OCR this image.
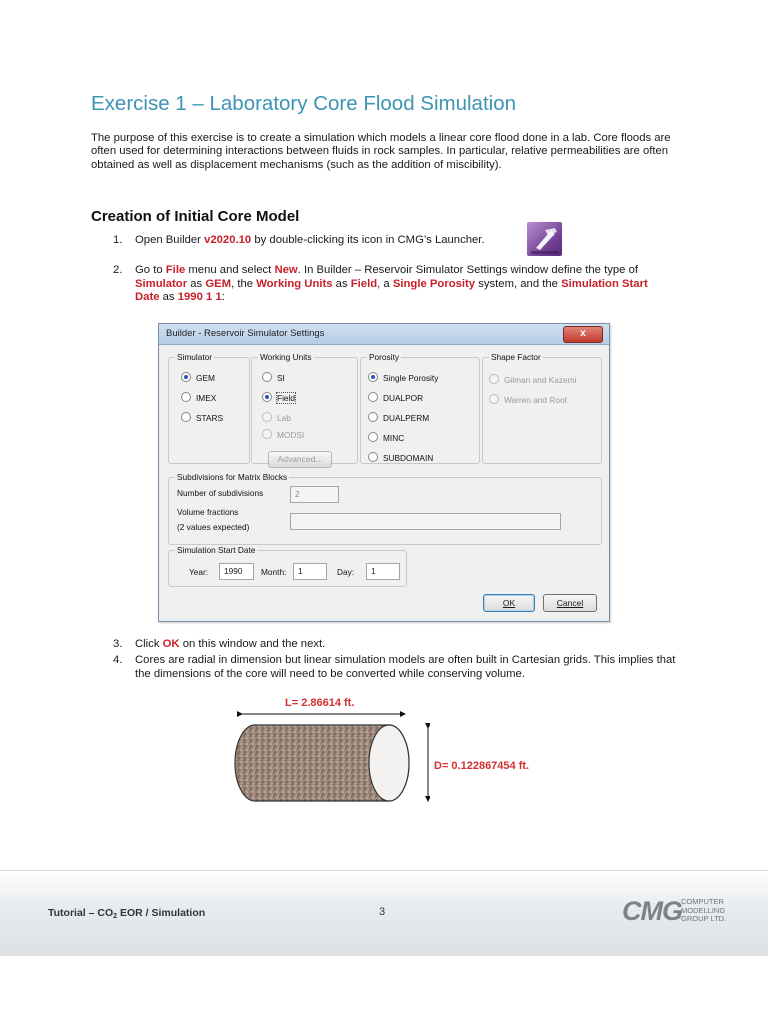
Exercise 1 – Laboratory Core Flood Simulation
The purpose of this exercise is to create a simulation which models a linear core flood done in a lab. Core floods are often used for determining interactions between fluids in rock samples. In particular, relative permeabilities are often obtained as well as displacement mechanisms (such as the addition of miscibility).
Creation of Initial Core Model
1. Open Builder v2020.10 by double-clicking its icon in CMG’s Launcher.
2. Go to File menu and select New. In Builder – Reservoir Simulator Settings window define the type of Simulator as GEM, the Working Units as Field, a Single Porosity system, and the Simulation Start Date as 1990 1 1:
Builder - Reservoir Simulator Settings	x
Simulator
GEM
IMEX
STARS
Working Units
SI
Field
Lab
MODSI
Advanced...
Porosity
Single Porosity
DUALPOR
DUALPERM
MINC
SUBDOMAIN
Shape Factor
Gilman and Kazemi
Warren and Root
Subdivisions for Matrix Blocks
Number of subdivisions	2
Volume fractions
(2 values expected)
Simulation Start Date
Year:	1990	Month:	1	Day:	1
OK	Cancel
3. Click OK on this window and the next.
4. Cores are radial in dimension but linear simulation models are often built in Cartesian grids. This implies that the dimensions of the core will need to be converted while conserving volume.
L= 2.86614 ft.
D= 0.122867454 ft.
Tutorial – CO2 EOR / Simulation	3	CMG COMPUTER
MODELLING
GROUP LTD.
